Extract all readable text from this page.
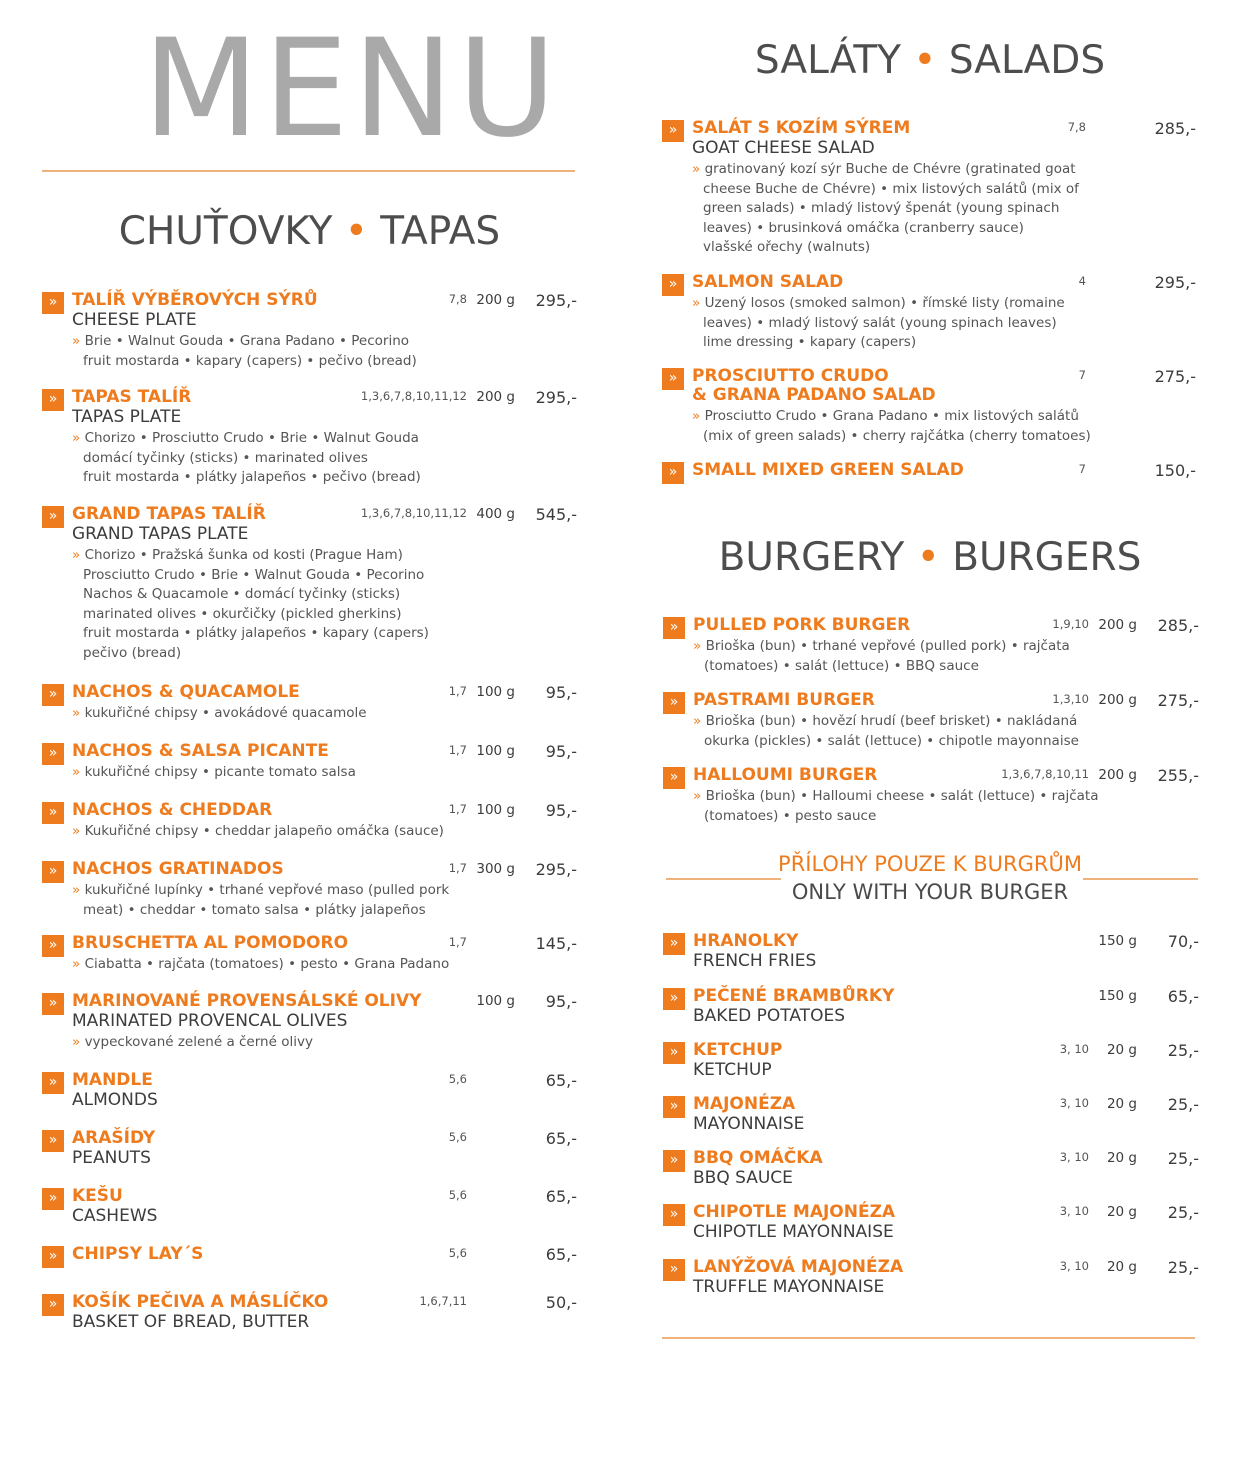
MENU
CHUŤOVKY • TAPAS
» TALÍŘ VÝBĚROVÝCH SÝRŮ
CHEESE PLATE
» Brie • Walnut Gouda • Grana Padano • Pecorino
fruit mostarda • kapary (capers) • pečivo (bread)
7,8 200 g 295,-
» TAPAS TALÍŘ
TAPAS PLATE
» Chorizo • Prosciutto Crudo • Brie • Walnut Gouda
domácí tyčinky (sticks) • marinated olives
fruit mostarda • plátky jalapeños • pečivo (bread)
1,3,6,7,8,10,11,12 200 g 295,-
» GRAND TAPAS TALÍŘ
GRAND TAPAS PLATE
» Chorizo • Pražská šunka od kosti (Prague Ham)
Prosciutto Crudo • Brie • Walnut Gouda • Pecorino
Nachos & Quacamole • domácí tyčinky (sticks)
marinated olives • okurčičky (pickled gherkins)
fruit mostarda • plátky jalapeños • kapary (capers)
pečivo (bread)
1,3,6,7,8,10,11,12 400 g 545,-
» NACHOS & QUACAMOLE
» kukuřičné chipsy • avokádové quacamole
1,7 100 g 95,-
» NACHOS & SALSA PICANTE
» kukuřičné chipsy • picante tomato salsa
1,7 100 g 95,-
» NACHOS & CHEDDAR
» Kukuřičné chipsy • cheddar jalapeño omáčka (sauce)
1,7 100 g 95,-
» NACHOS GRATINADOS
» kukuřičné lupínky • trhané vepřové maso (pulled pork
meat) • cheddar • tomato salsa • plátky jalapeños
1,7 300 g 295,-
» BRUSCHETTA AL POMODORO
» Ciabatta • rajčata (tomatoes) • pesto • Grana Padano
1,7	145,-
» MARINOVANÉ PROVENSÁLSKÉ OLIVY
MARINATED PROVENCAL OLIVES
» vypeckované zelené a černé olivy
100 g 95,-
» MANDLE
ALMONDS
5,6	65,-
» ARAŠÍDY
PEANUTS
5,6	65,-
» KEŠU
CASHEWS
5,6	65,-
» CHIPSY LAY´S	5,6	65,-
» KOŠÍK PEČIVA A MÁSLÍČKO
BASKET OF BREAD, BUTTER
1,6,7,11	50,-
SALÁTY • SALADS
» SALÁT S KOZÍM SÝREM
GOAT CHEESE SALAD
» gratinovaný kozí sýr Buche de Chévre (gratinated goat
cheese Buche de Chévre) • mix listových salátů (mix of
green salads) • mladý listový špenát (young spinach
leaves) • brusinková omáčka (cranberry sauce)
vlašské ořechy (walnuts)
7,8	285,-
» SALMON SALAD
» Uzený losos (smoked salmon) • římské listy (romaine
leaves) • mladý listový salát (young spinach leaves)
lime dressing • kapary (capers)
4	295,-
» PROSCIUTTO CRUDO
& GRANA PADANO SALAD
» Prosciutto Crudo • Grana Padano • mix listových salátů
(mix of green salads) • cherry rajčátka (cherry tomatoes)
7	275,-
» SMALL MIXED GREEN SALAD	7	150,-
BURGERY • BURGERS
» PULLED PORK BURGER
» Brioška (bun) • trhané vepřové (pulled pork) • rajčata
(tomatoes) • salát (lettuce) • BBQ sauce
1,9,10 200 g 285,-
» PASTRAMI BURGER
» Brioška (bun) • hovězí hrudí (beef brisket) • nakládaná
okurka (pickles) • salát (lettuce) • chipotle mayonnaise
1,3,10 200 g 275,-
» HALLOUMI BURGER
» Brioška (bun) • Halloumi cheese • salát (lettuce) • rajčata
(tomatoes) • pesto sauce
1,3,6,7,8,10,11 200 g 255,-
PŘÍLOHY POUZE K BURGRŮM
ONLY WITH YOUR BURGER
» HRANOLKY
FRENCH FRIES
150 g 70,-
» PEČENÉ BRAMBŮRKY
BAKED POTATOES
150 g 65,-
» KETCHUP
KETCHUP
3, 10 20 g 25,-
» MAJONÉZA
MAYONNAISE
3, 10 20 g 25,-
» BBQ OMÁČKA
BBQ SAUCE
3, 10 20 g 25,-
» CHIPOTLE MAJONÉZA
CHIPOTLE MAYONNAISE
3, 10 20 g 25,-
» LANÝŽOVÁ MAJONÉZA
TRUFFLE MAYONNAISE
3, 10 20 g 25,-
